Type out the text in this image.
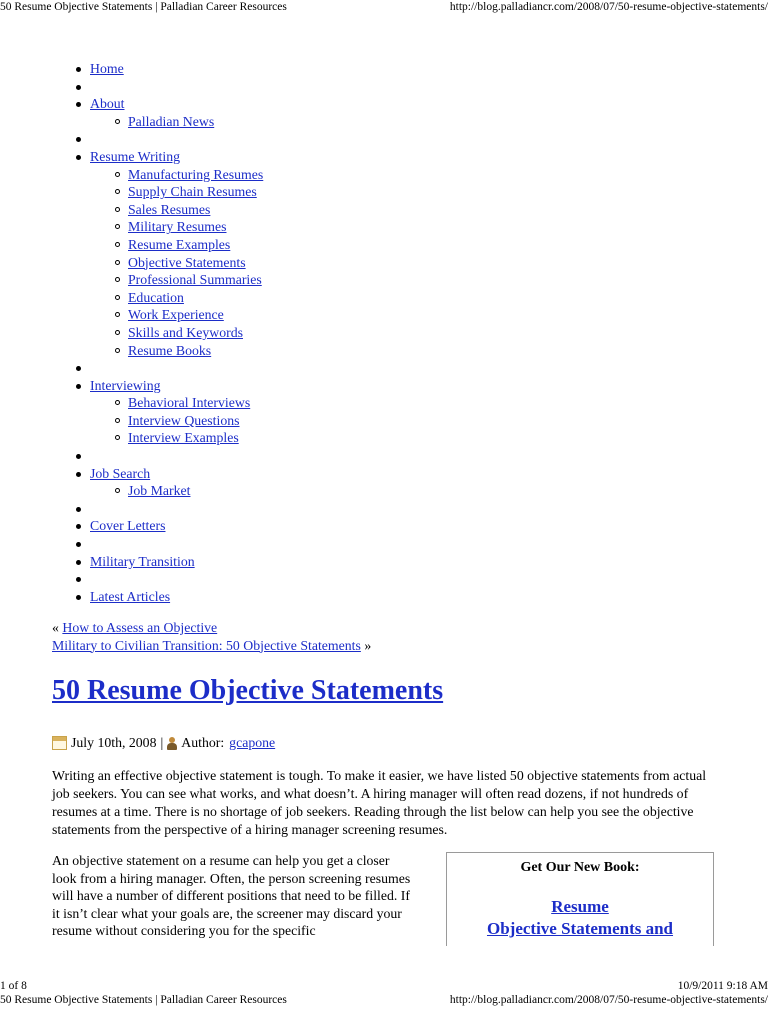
50 Resume Objective Statements | Palladian Career Resources	http://blog.palladiancr.com/2008/07/50-resume-objective-statements/
Home

About
Palladian News

Resume Writing
Manufacturing Resumes
Supply Chain Resumes
Sales Resumes
Military Resumes
Resume Examples
Objective Statements
Professional Summaries
Education
Work Experience
Skills and Keywords
Resume Books

Interviewing
Behavioral Interviews
Interview Questions
Interview Examples

Job Search
Job Market

Cover Letters

Military Transition

Latest Articles
« How to Assess an Objective
Military to Civilian Transition: 50 Objective Statements »
50 Resume Objective Statements
July 10th, 2008 | Author: gcapone

Writing an effective objective statement is tough. To make it easier, we have listed 50 objective statements from actual job seekers. You can see what works, and what doesn’t. A hiring manager will often read dozens, if not hundreds of resumes at a time. There is no shortage of job seekers. Reading through the list below can help you see the objective statements from the perspective of a hiring manager screening resumes.

An objective statement on a resume can help you get a closer look from a hiring manager. Often, the person screening resumes will have a number of different positions that need to be filled. If it isn’t clear what your goals are, the screener may discard your resume without considering you for the specific

Get Our New Book:
Resume
Objective Statements and
1 of 8	10/9/2011 9:18 AM
50 Resume Objective Statements | Palladian Career Resources	http://blog.palladiancr.com/2008/07/50-resume-objective-statements/
